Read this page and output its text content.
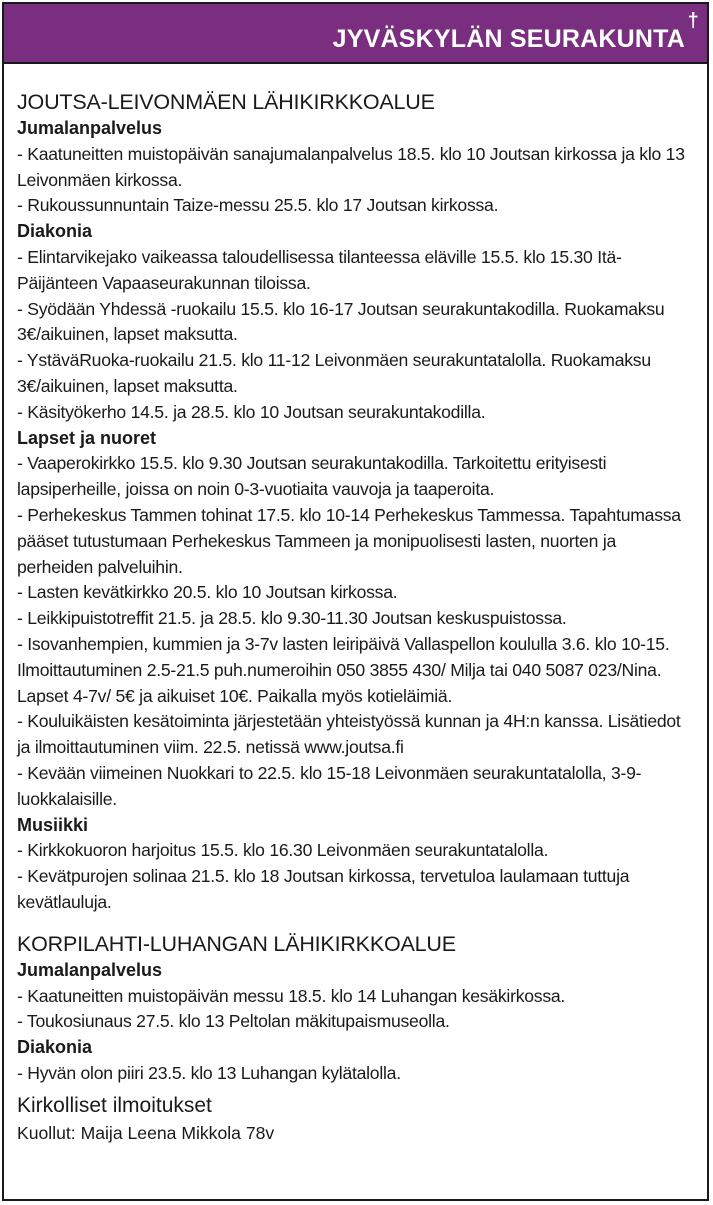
JYVÄSKYLÄN SEURAKUNTA
†
JOUTSA-LEIVONMÄEN LÄHIKIRKKOALUE
Jumalanpalvelus

- Kaatuneitten muistopäivän sanajumalanpalvelus 18.5. klo 10 Joutsan kirkossa ja klo 13 Leivonmäen kirkossa.

- Rukoussunnuntain Taize-messu 25.5. klo 17 Joutsan kirkossa.

Diakonia

- Elintarvikejako vaikeassa taloudellisessa tilanteessa eläville 15.5. klo 15.30 Itä-Päijänteen Vapaaseurakunnan tiloissa.

- Syödään Yhdessä -ruokailu 15.5. klo 16-17 Joutsan seurakuntakodilla. Ruokamaksu 3€/aikuinen, lapset maksutta.

- YstäväRuoka-ruokailu 21.5. klo 11-12 Leivonmäen seurakuntatalolla. Ruokamaksu 3€/aikuinen, lapset maksutta.

- Käsityökerho 14.5. ja 28.5. klo 10 Joutsan seurakuntakodilla.

Lapset ja nuoret

- Vaaperokirkko 15.5. klo 9.30 Joutsan seurakuntakodilla. Tarkoitettu erityisesti lapsiperheille, joissa on noin 0-3-vuotiaita vauvoja ja taaperoita.

- Perhekeskus Tammen tohinat 17.5. klo 10-14 Perhekeskus Tammessa. Tapahtumassa pääset tutustumaan Perhekeskus Tammeen ja monipuolisesti lasten, nuorten ja perheiden palveluihin.

- Lasten kevätkirkko 20.5. klo 10 Joutsan kirkossa.

- Leikkipuistotreffit 21.5. ja 28.5. klo 9.30-11.30 Joutsan keskuspuistossa.

- Isovanhempien, kummien ja 3-7v lasten leiripäivä Vallaspellon koululla 3.6. klo 10-15. Ilmoittautuminen 2.5-21.5 puh.numeroihin 050 3855 430/ Milja tai 040 5087 023/Nina. Lapset 4-7v/ 5€ ja aikuiset 10€. Paikalla myös kotieläimiä.

- Kouluikäisten kesätoiminta järjestetään yhteistyössä kunnan ja 4H:n kanssa. Lisätiedot ja ilmoittautuminen viim. 22.5. netissä www.joutsa.fi

- Kevään viimeinen Nuokkari to 22.5. klo 15-18 Leivonmäen seurakuntatalolla, 3-9-luokkalaisille.

Musiikki

- Kirkkokuoron harjoitus 15.5. klo 16.30 Leivonmäen seurakuntatalolla.

- Kevätpurojen solinaa 21.5. klo 18 Joutsan kirkossa, tervetuloa laulamaan tuttuja kevätlauluja.

KORPILAHTI-LUHANGAN LÄHIKIRKKOALUE
Jumalanpalvelus

- Kaatuneitten muistopäivän messu 18.5. klo 14 Luhangan kesäkirkossa.

- Toukosiunaus 27.5. klo 13 Peltolan mäkitupaismuseolla.

Diakonia

- Hyvän olon piiri 23.5. klo 13 Luhangan kylätalolla.

Kirkolliset ilmoitukset

Kuollut: Maija Leena Mikkola 78v
